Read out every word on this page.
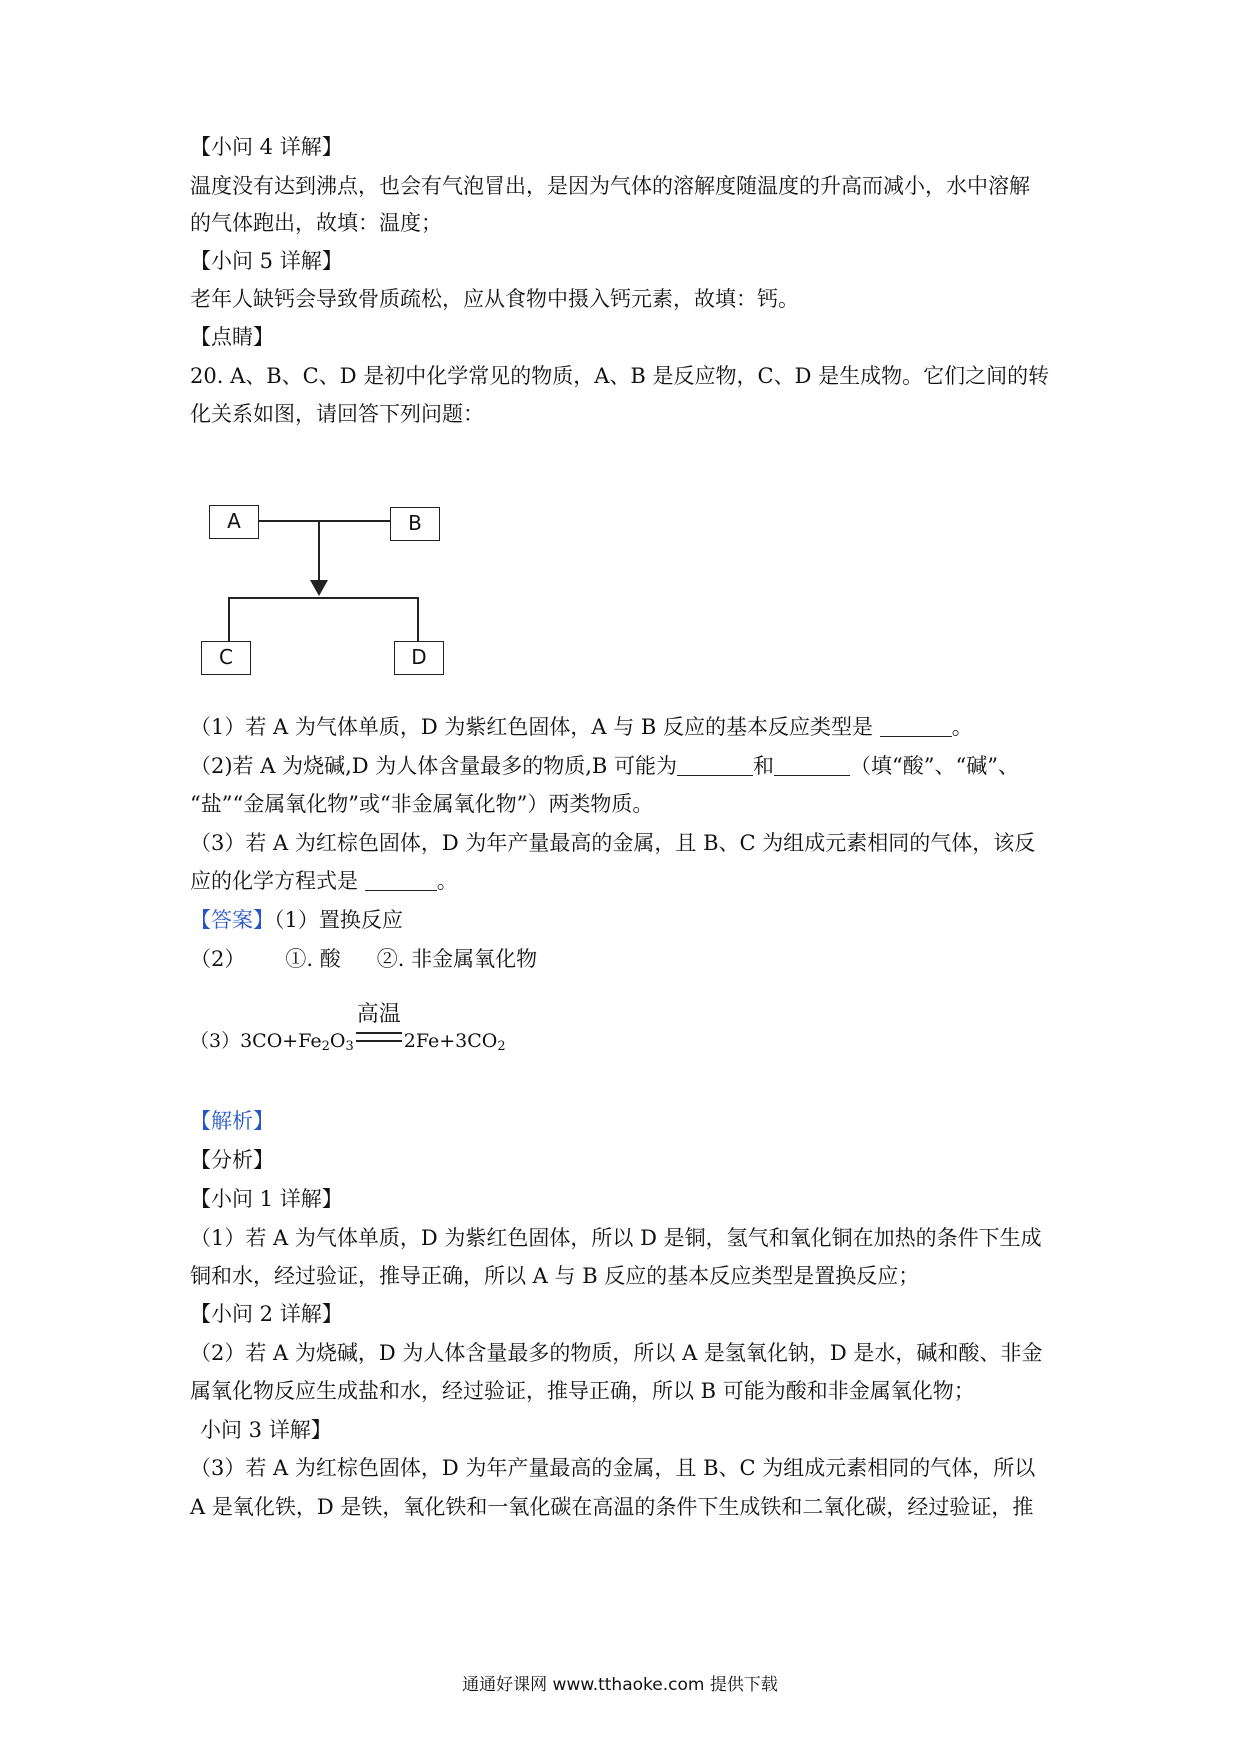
【小问 4 详解】
温度没有达到沸点，也会有气泡冒出，是因为气体的溶解度随温度的升高而减小，水中溶解
的气体跑出，故填：温度；
【小问 5 详解】
老年人缺钙会导致骨质疏松，应从食物中摄入钙元素，故填：钙。
【点睛】
20. A、B、C、D 是初中化学常见的物质，A、B 是反应物，C、D 是生成物。它们之间的转
化关系如图，请回答下列问题：
A	B
C	D
（1）若 A 为气体单质，D 为紫红色固体，A 与 B 反应的基本反应类型是	。
（2)若 A 为烧碱,D 为人体含量最多的物质,B 可能为	和	（填“酸”、“碱”、
“盐”“金属氧化物”或“非金属氧化物”）两类物质。
（3）若 A 为红棕色固体，D 为年产量最高的金属，且 B、C 为组成元素相同的气体，该反
应的化学方程式是	。
【答案】（1）置换反应
（2） ①. 酸 ②. 非金属氧化物
$(3)3CO+Fe_2O_3$
高温
$2Fe+3CO_2$
【解析】
【分析】
【小问 1 详解】
（1）若 A 为气体单质，D 为紫红色固体，所以 D 是铜，氢气和氧化铜在加热的条件下生成
铜和水，经过验证，推导正确，所以 A 与 B 反应的基本反应类型是置换反应；
【小问 2 详解】
（2）若 A 为烧碱，D 为人体含量最多的物质，所以 A 是氢氧化钠，D 是水，碱和酸、非金
属氧化物反应生成盐和水，经过验证，推导正确，所以 B 可能为酸和非金属氧化物；
小问 3 详解】
（3）若 A 为红棕色固体，D 为年产量最高的金属，且 B、C 为组成元素相同的气体，所以
A 是氧化铁，D 是铁，氧化铁和一氧化碳在高温的条件下生成铁和二氧化碳，经过验证，推
通通好课网 www.tthaoke.com 提供下载
